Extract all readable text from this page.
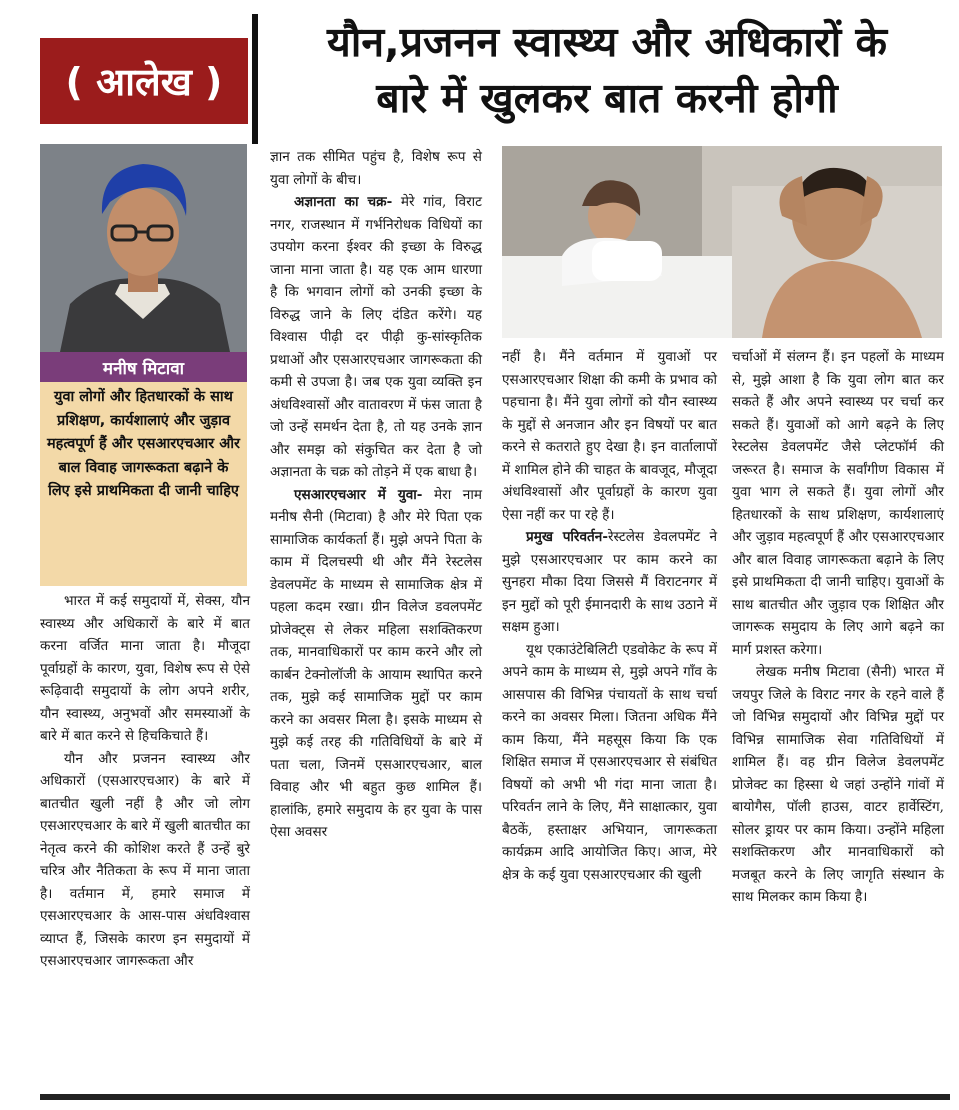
( आलेख )
यौन,प्रजनन स्वास्थ्य और अधिकारों के
बारे में खुलकर बात करनी होगी
मनीष मिटावा
युवा लोगों और हितधारकों के साथ प्रशिक्षण, कार्यशालाएं और जुड़ाव महत्वपूर्ण हैं और एसआरएचआर और बाल विवाह जागरूकता बढ़ाने के लिए इसे प्राथमिकता दी जानी चाहिए

भारत में कई समुदायों में, सेक्स, यौन स्वास्थ्य और अधिकारों के बारे में बात करना वर्जित माना जाता है। मौजूदा पूर्वाग्रहों के कारण, युवा, विशेष रूप से ऐसे रूढ़िवादी समुदायों के लोग अपने शरीर, यौन स्वास्थ्य, अनुभवों और समस्याओं के बारे में बात करने से हिचकिचाते हैं।

यौन और प्रजनन स्वास्थ्य और अधिकारों (एसआरएचआर) के बारे में बातचीत खुली नहीं है और जो लोग एसआरएचआर के बारे में खुली बातचीत का नेतृत्व करने की कोशिश करते हैं उन्हें बुरे चरित्र और नैतिकता के रूप में माना जाता है। वर्तमान में, हमारे समाज में एसआरएचआर के आस-पास अंधविश्वास व्याप्त हैं, जिसके कारण इन समुदायों में एसआरएचआर जागरूकता और

ज्ञान तक सीमित पहुंच है, विशेष रूप से युवा लोगों के बीच।

अज्ञानता का चक्र- मेरे गांव, विराट नगर, राजस्थान में गर्भनिरोधक विधियों का उपयोग करना ईश्वर की इच्छा के विरुद्ध जाना माना जाता है। यह एक आम धारणा है कि भगवान लोगों को उनकी इच्छा के विरुद्ध जाने के लिए दंडित करेंगे। यह विश्वास पीढ़ी दर पीढ़ी कु-सांस्कृतिक प्रथाओं और एसआरएचआर जागरूकता की कमी से उपजा है। जब एक युवा व्यक्ति इन अंधविश्वासों और वातावरण में फंस जाता है जो उन्हें समर्थन देता है, तो यह उनके ज्ञान और समझ को संकुचित कर देता है जो अज्ञानता के चक्र को तोड़ने में एक बाधा है।

एसआरएचआर में युवा- मेरा नाम मनीष सैनी (मिटावा) है और मेरे पिता एक सामाजिक कार्यकर्ता हैं। मुझे अपने पिता के काम में दिलचस्पी थी और मैंने रेस्टलेस डेवलपमेंट के माध्यम से सामाजिक क्षेत्र में पहला कदम रखा। ग्रीन विलेज डवलपमेंट प्रोजेक्ट्स से लेकर महिला सशक्तिकरण तक, मानवाधिकारों पर काम करने और लो कार्बन टेक्नोलॉजी के आयाम स्थापित करने तक, मुझे कई सामाजिक मुद्दों पर काम करने का अवसर मिला है। इसके माध्यम से मुझे कई तरह की गतिविधियों के बारे में पता चला, जिनमें एसआरएचआर, बाल विवाह और भी बहुत कुछ शामिल हैं। हालांकि, हमारे समुदाय के हर युवा के पास ऐसा अवसर

नहीं है। मैंने वर्तमान में युवाओं पर एसआरएचआर शिक्षा की कमी के प्रभाव को पहचाना है। मैंने युवा लोगों को यौन स्वास्थ्य के मुद्दों से अनजान और इन विषयों पर बात करने से कतराते हुए देखा है। इन वार्तालापों में शामिल होने की चाहत के बावजूद, मौजूदा अंधविश्वासों और पूर्वाग्रहों के कारण युवा ऐसा नहीं कर पा रहे हैं।

प्रमुख परिवर्तन-रेस्टलेस डेवलपमेंट ने मुझे एसआरएचआर पर काम करने का सुनहरा मौका दिया जिससे मैं विराटनगर में इन मुद्दों को पूरी ईमानदारी के साथ उठाने में सक्षम हुआ।

यूथ एकाउंटेबिलिटी एडवोकेट के रूप में अपने काम के माध्यम से, मुझे अपने गाँव के आसपास की विभिन्न पंचायतों के साथ चर्चा करने का अवसर मिला। जितना अधिक मैंने काम किया, मैंने महसूस किया कि एक शिक्षित समाज में एसआरएचआर से संबंधित विषयों को अभी भी गंदा माना जाता है। परिवर्तन लाने के लिए, मैंने साक्षात्कार, युवा बैठकें, हस्ताक्षर अभियान, जागरूकता कार्यक्रम आदि आयोजित किए। आज, मेरे क्षेत्र के कई युवा एसआरएचआर की खुली

चर्चाओं में संलग्न हैं। इन पहलों के माध्यम से, मुझे आशा है कि युवा लोग बात कर सकते हैं और अपने स्वास्थ्य पर चर्चा कर सकते हैं। युवाओं को आगे बढ़ने के लिए रेस्टलेस डेवलपमेंट जैसे प्लेटफॉर्म की जरूरत है। समाज के सर्वांगीण विकास में युवा भाग ले सकते हैं। युवा लोगों और हितधारकों के साथ प्रशिक्षण, कार्यशालाएं और जुड़ाव महत्वपूर्ण हैं और एसआरएचआर और बाल विवाह जागरूकता बढ़ाने के लिए इसे प्राथमिकता दी जानी चाहिए। युवाओं के साथ बातचीत और जुड़ाव एक शिक्षित और जागरूक समुदाय के लिए आगे बढ़ने का मार्ग प्रशस्त करेगा।

लेखक मनीष मिटावा (सैनी) भारत में जयपुर जिले के विराट नगर के रहने वाले हैं जो विभिन्न समुदायों और विभिन्न मुद्दों पर विभिन्न सामाजिक सेवा गतिविधियों में शामिल हैं। वह ग्रीन विलेज डेवलपमेंट प्रोजेक्ट का हिस्सा थे जहां उन्होंने गांवों में बायोगैस, पॉली हाउस, वाटर हार्वेस्टिंग, सोलर ड्रायर पर काम किया। उन्होंने महिला सशक्तिकरण और मानवाधिकारों को मजबूत करने के लिए जागृति संस्थान के साथ मिलकर काम किया है।
